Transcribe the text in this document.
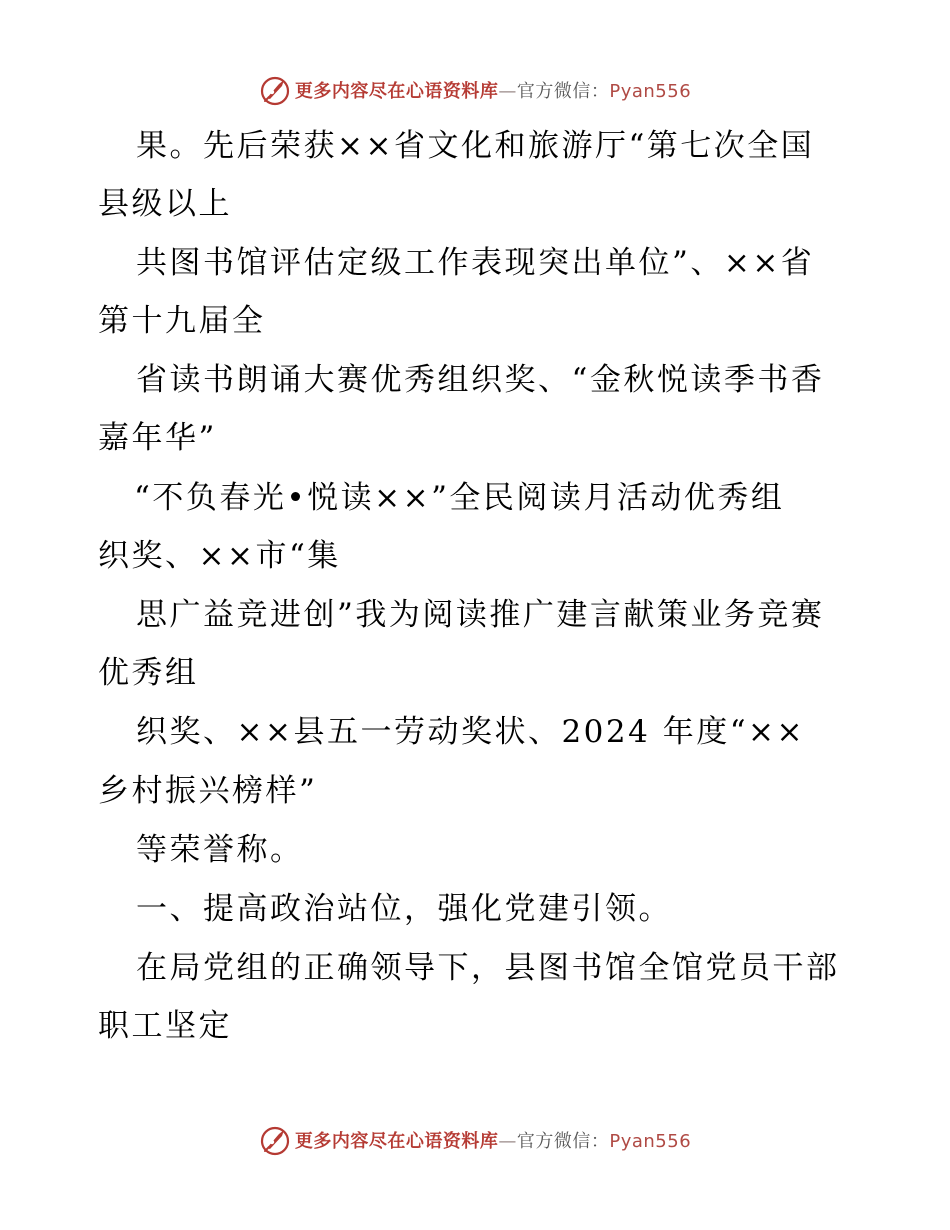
更多内容尽在心语资料库—官方微信：Pyan556
果。先后荣获××省文化和旅游厅“第七次全国
县级以上
共图书馆评估定级工作表现突出单位”、××省
第十九届全
省读书朗诵大赛优秀组织奖、“金秋悦读季书香
嘉年华”
“不负春光•悦读××”全民阅读月活动优秀组
织奖、××市“集
思广益竞进创”我为阅读推广建言献策业务竞赛
优秀组
织奖、××县五一劳动奖状、2024 年度“××
乡村振兴榜样”
等荣誉称。
一、提高政治站位，强化党建引领。
在局党组的正确领导下，县图书馆全馆党员干部
职工坚定
更多内容尽在心语资料库—官方微信：Pyan556
